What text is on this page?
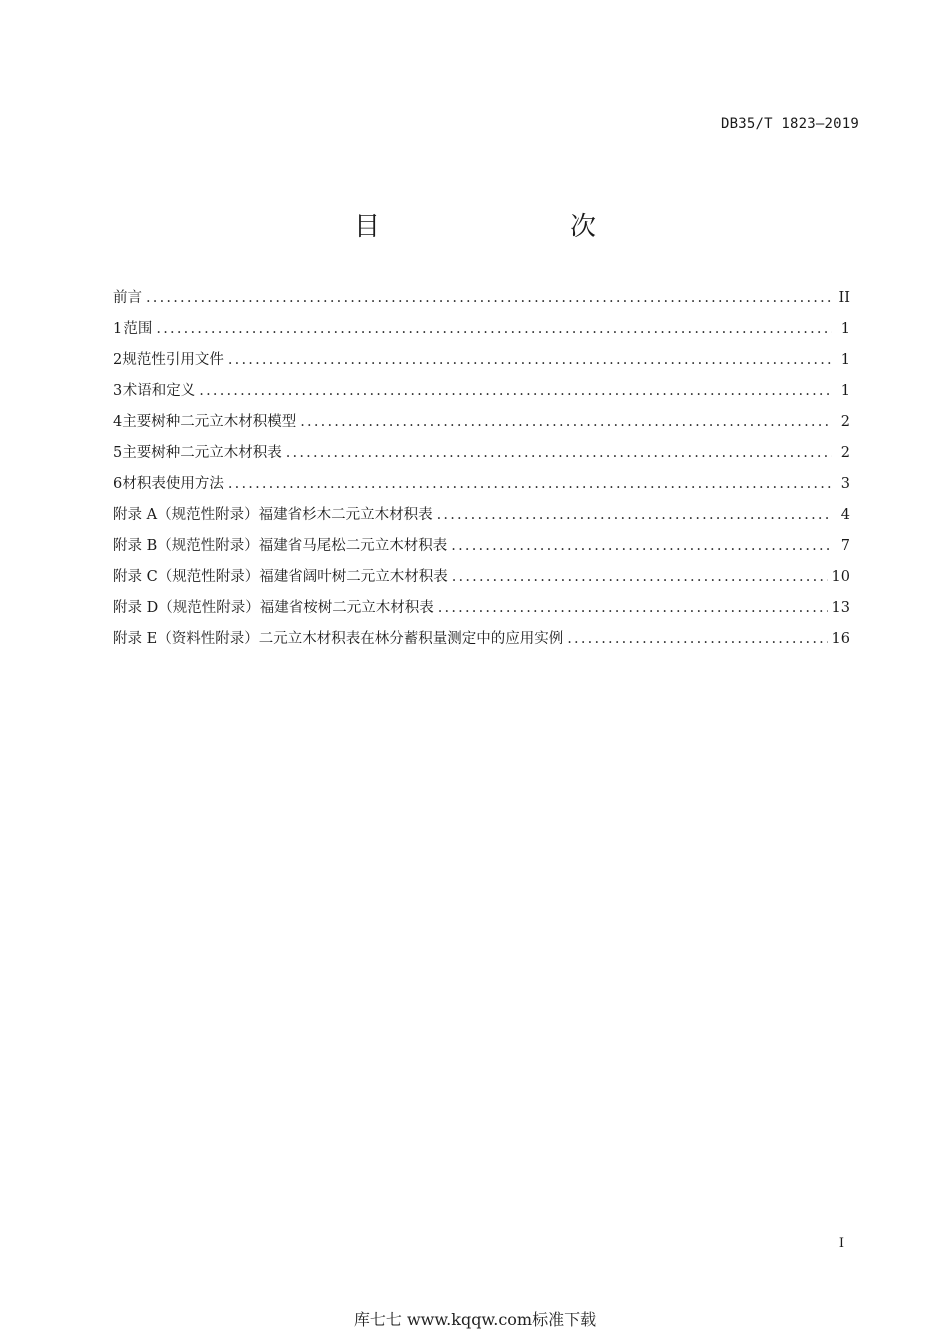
DB35/T 1823—2019
目　　次
前言 .....	II
1 范围 .....	1
2 规范性引用文件 .....	1
3 术语和定义 .....	1
4 主要树种二元立木材积模型 .....	2
5 主要树种二元立木材积表 .....	2
6 材积表使用方法 .....	3
附录 A（规范性附录） 福建省杉木二元立木材积表 .....	4
附录 B（规范性附录） 福建省马尾松二元立木材积表 .....	7
附录 C（规范性附录） 福建省阔叶树二元立木材积表 .....	10
附录 D（规范性附录） 福建省桉树二元立木材积表 .....	13
附录 E（资料性附录） 二元立木材积表在林分蓄积量测定中的应用实例 .....	16
I
库七七 www.kqqw.com标准下载
